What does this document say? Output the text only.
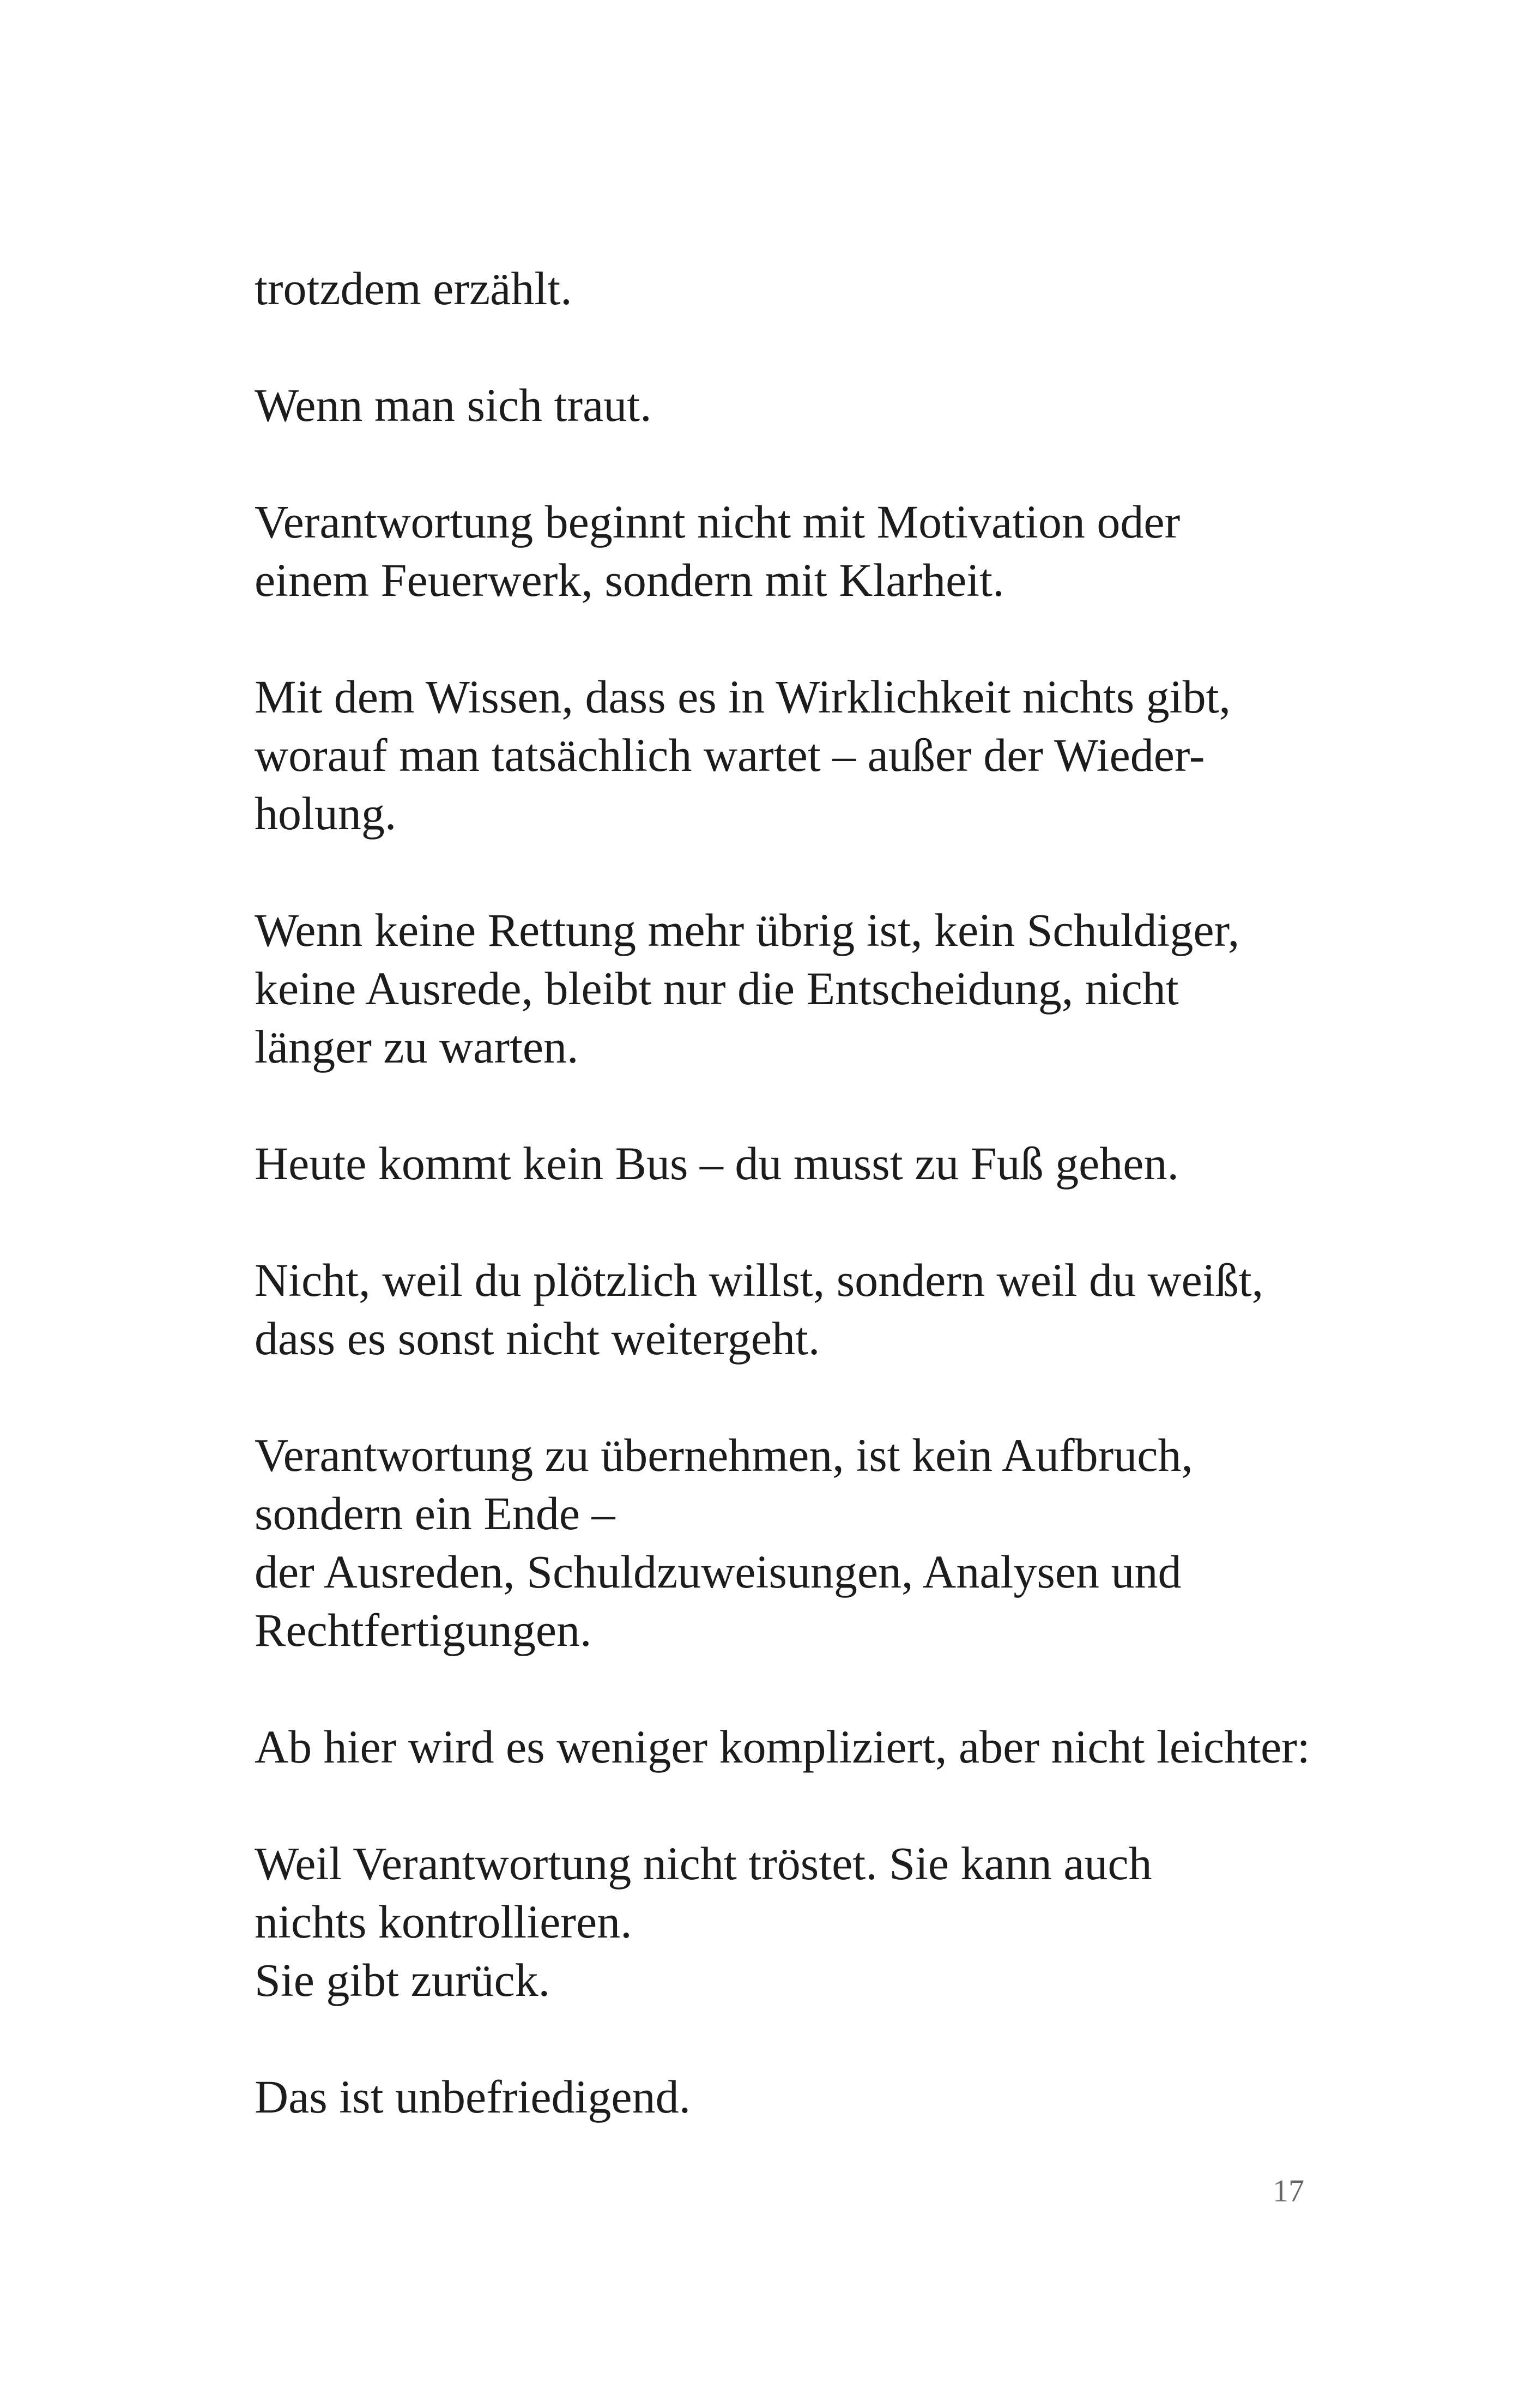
trotzdem erzählt.

Wenn man sich traut.

Verantwortung beginnt nicht mit Motivation oder
einem Feuerwerk, sondern mit Klarheit.

Mit dem Wissen, dass es in Wirklichkeit nichts gibt,
worauf man tatsächlich wartet – außer der Wieder-
holung.

Wenn keine Rettung mehr übrig ist, kein Schuldiger,
keine Ausrede, bleibt nur die Entscheidung, nicht
länger zu warten.

Heute kommt kein Bus – du musst zu Fuß gehen.

Nicht, weil du plötzlich willst, sondern weil du weißt,
dass es sonst nicht weitergeht.

Verantwortung zu übernehmen, ist kein Aufbruch,
sondern ein Ende –
der Ausreden, Schuldzuweisungen, Analysen und
Rechtfertigungen.

Ab hier wird es weniger kompliziert, aber nicht leichter:

Weil Verantwortung nicht tröstet. Sie kann auch
nichts kontrollieren.
Sie gibt zurück.

Das ist unbefriedigend.

17
